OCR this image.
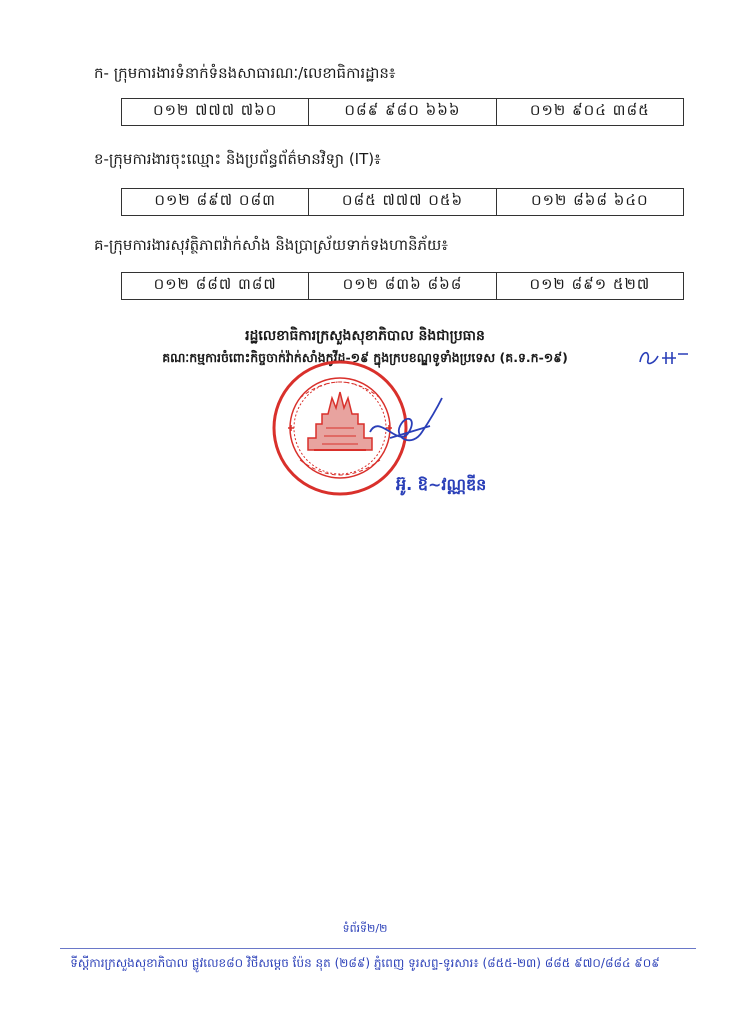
ក- ក្រុមការងារទំនាក់ទំនងសាធារណៈ/លេខាធិការដ្ឋាន៖
០១២ ៧៧៧ ៧៦០	០៨៩ ៩៨០ ៦៦៦	០១២ ៩០៤ ៣៨៥
ខ-ក្រុមការងារចុះឈ្មោះ និងប្រព័ន្ធព័ត៌មានវិទ្យា (IT)៖
០១២ ៨៩៧ ០៨៣	០៨៥ ៧៧៧ ០៥៦	០១២ ៨៦៨ ៦៤០
គ-ក្រុមការងារសុវត្ថិភាពវ៉ាក់សាំង និងប្រាស្រ័យទាក់ទងហានិភ័យ៖
០១២ ៨៨៧ ៣៨៧	០១២ ៨៣៦ ៨៦៨	០១២ ៨៩១ ៥២៧
រដ្ឋលេខាធិការក្រសួងសុខាភិបាល និងជាប្រធាន
គណៈកម្មការចំពោះកិច្ចចាក់វ៉ាក់សាំងកូវីដ-១៩ ក្នុងក្របខណ្ឌទូទាំងប្រទេស (គ.ទ.ក-១៩)
អ៊ូ. ឱ~វណ្ណឌីន
ទំព័រទី២/២
ទីស្តីការក្រសួងសុខាភិបាល ផ្លូវលេខ៨០ វិថីសម្ដេច ប៉ែន នុត (២៨៩) ភ្នំពេញ ទូរសព្ទ-ទូរសារ៖ (៨៥៥-២៣) ៨៨៥ ៩៧០/៨៨៤ ៩០៩
